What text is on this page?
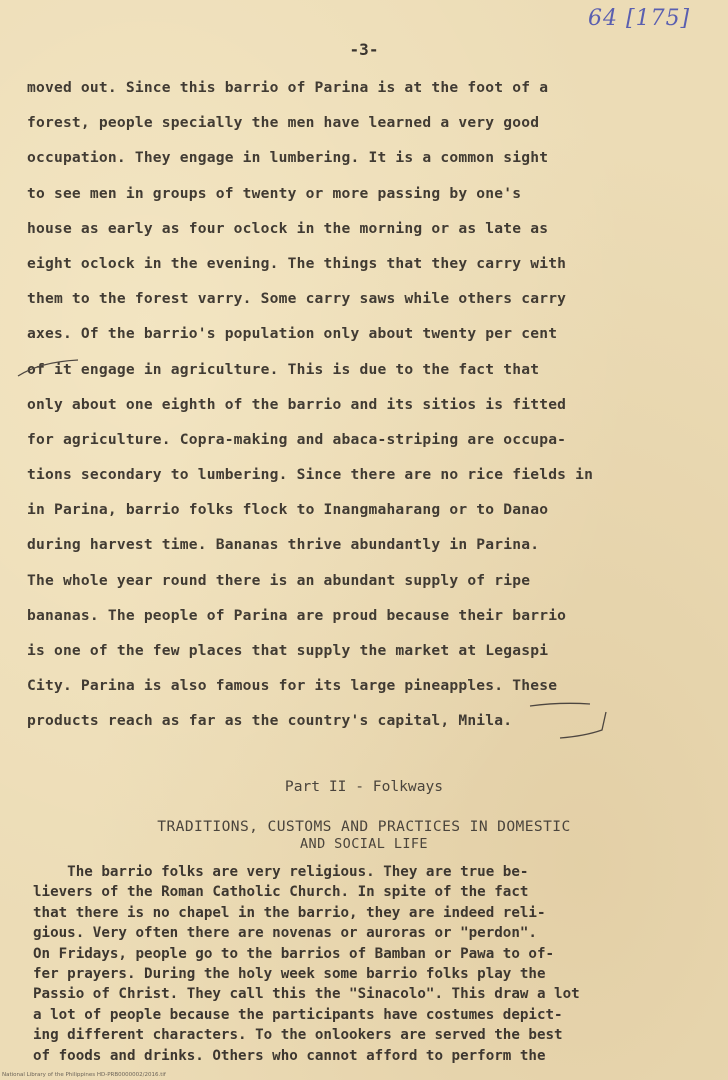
64 [175]
-3-
moved out. Since this barrio of Parina is at the foot of a
forest, people specially the men have learned a very good
occupation. They engage in lumbering. It is a common sight
to see men in groups of twenty or more passing by one's
house as early as four oclock in the morning or as late as
eight oclock in the evening. The things that they carry with
them to the forest varry. Some carry saws while others carry
axes. Of the barrio's population only about twenty per cent
of it engage in agriculture. This is due to the fact that
only about one eighth of the barrio and its sitios is fitted
for agriculture. Copra-making and abaca-striping are occupa-
tions secondary to lumbering. Since there are no rice fields in
in Parina, barrio folks flock to Inangmaharang or to Danao
during harvest time. Bananas thrive abundantly in Parina.
The whole year round there is an abundant supply of ripe
bananas. The people of Parina are proud because their barrio
is one of the few places that supply the market at Legaspi
City. Parina is also famous for its large pineapples. These
products reach as far as the country's capital, Mnila.
Part II - Folkways
TRADITIONS, CUSTOMS AND PRACTICES IN DOMESTIC
AND SOCIAL LIFE
The barrio folks are very religious. They are true be-
lievers of the Roman Catholic Church. In spite of the fact
that there is no chapel in the barrio, they are indeed reli-
gious. Very often there are novenas or auroras or "perdon".
On Fridays, people go to the barrios of Bamban or Pawa to of-
fer prayers. During the holy week some barrio folks play the
Passio of Christ. They call this the "Sinacolo". This draw a lot
a lot of people because the participants have costumes depict-
ing different characters. To the onlookers are served the best
of foods and drinks. Others who cannot afford to perform the
National Library of the Philippines HD-PRB0000002/2016.tif
